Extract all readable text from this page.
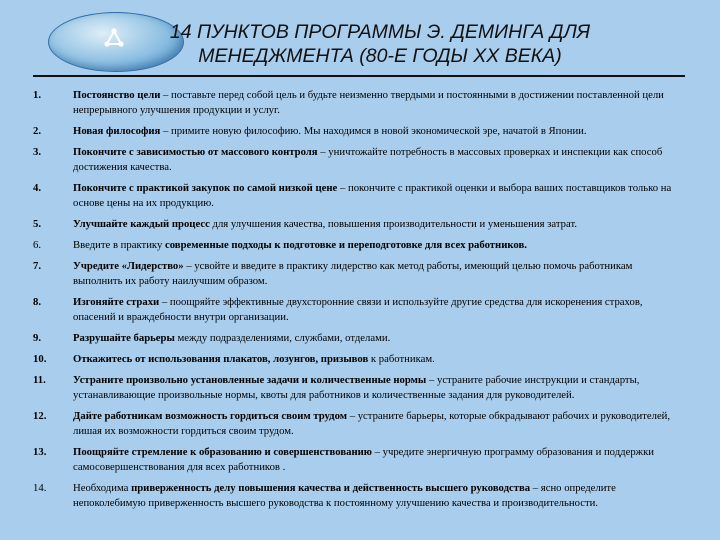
14 ПУНКТОВ ПРОГРАММЫ Э. ДЕМИНГА ДЛЯ МЕНЕДЖМЕНТА (80-Е ГОДЫ XX ВЕКА)
1.	Постоянство цели – поставьте перед собой цель и будьте неизменно твердыми и постоянными в достижении поставленной цели непрерывного улучшения продукции и услуг.
2.	Новая философия – примите новую философию. Мы находимся в новой экономической эре, начатой в Японии.
3.	Покончите с зависимостью от массового контроля – уничтожайте потребность в массовых проверках и инспекции как способ достижения качества.
4.	Покончите с практикой закупок по самой низкой цене – покончите с практикой оценки и выбора ваших поставщиков только на основе цены на их продукцию.
5.	Улучшайте каждый процесс для улучшения качества, повышения производительности и уменьшения затрат.
6.	Введите в практику современные подходы к подготовке и переподготовке для всех работников.
7.	Учредите «Лидерство» – усвойте и введите в практику лидерство как метод работы, имеющий целью помочь работникам выполнить их работу наилучшим образом.
8.	Изгоняйте страхи – поощряйте эффективные двухсторонние связи и используйте другие средства для искоренения страхов, опасений и враждебности внутри организации.
9.	Разрушайте барьеры между подразделениями, службами, отделами.
10.	Откажитесь от использования плакатов, лозунгов, призывов к работникам.
11.	Устраните произвольно установленные задачи и количественные нормы – устраните рабочие инструкции и стандарты, устанавливающие произвольные нормы, квоты для работников и количественные задания для руководителей.
12.	Дайте работникам возможность гордиться своим трудом – устраните барьеры, которые обкрадывают рабочих и руководителей, лишая их возможности гордиться своим трудом.
13.	Поощряйте стремление к образованию и совершенствованию – учредите энергичную программу образования и поддержки самосовершенствования для всех работников .
14.	Необходима приверженность делу повышения качества и действенность высшего руководства – ясно определите непоколебимую приверженность высшего руководства к постоянному улучшению качества и производительности.
